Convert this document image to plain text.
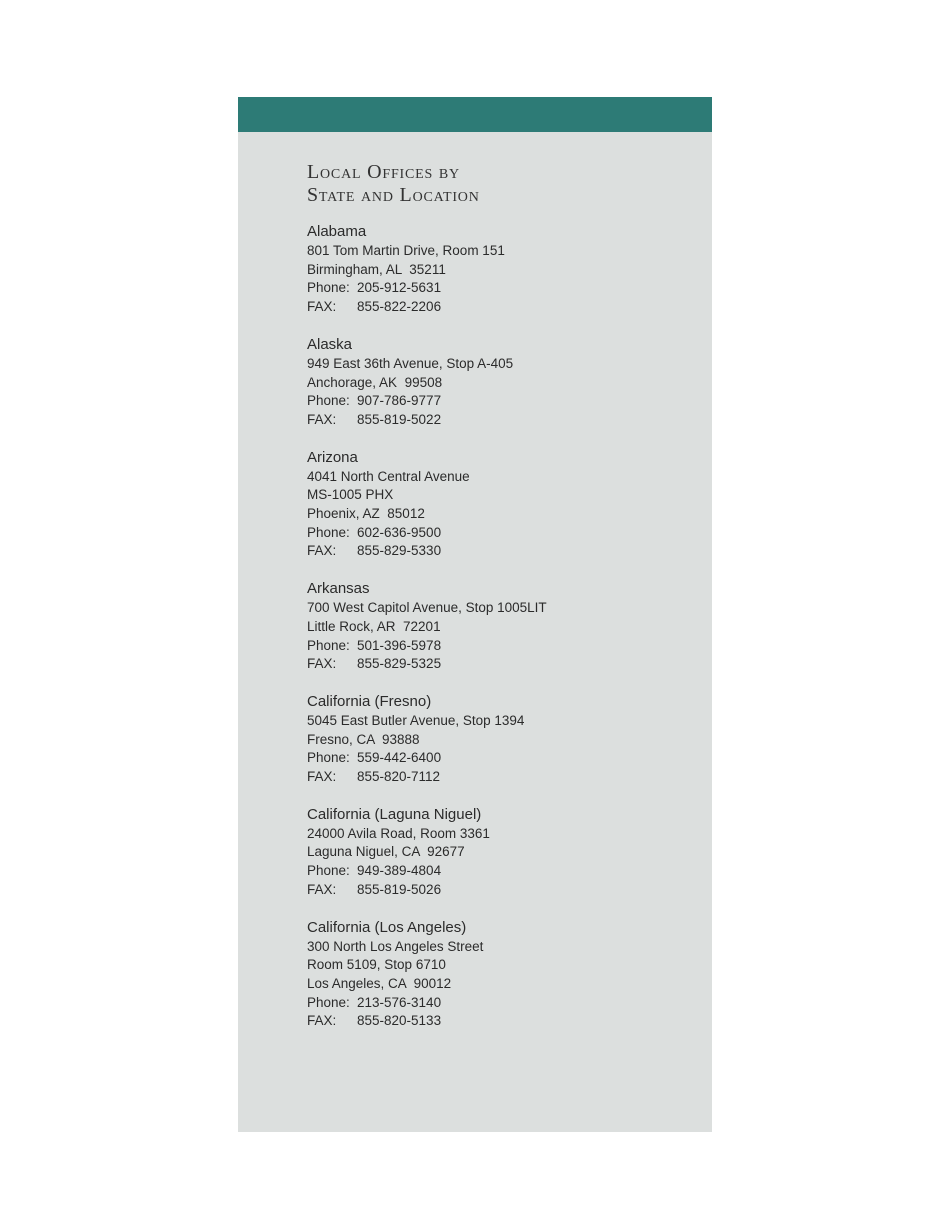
Local Offices by
State and Location
Alabama
801 Tom Martin Drive, Room 151
Birmingham, AL  35211
Phone: 205-912-5631
FAX: 855-822-2206
Alaska
949 East 36th Avenue, Stop A-405
Anchorage, AK  99508
Phone: 907-786-9777
FAX: 855-819-5022
Arizona
4041 North Central Avenue
MS-1005 PHX
Phoenix, AZ  85012
Phone: 602-636-9500
FAX: 855-829-5330
Arkansas
700 West Capitol Avenue, Stop 1005LIT
Little Rock, AR  72201
Phone: 501-396-5978
FAX: 855-829-5325
California (Fresno)
5045 East Butler Avenue, Stop 1394
Fresno, CA  93888
Phone: 559-442-6400
FAX: 855-820-7112
California (Laguna Niguel)
24000 Avila Road, Room 3361
Laguna Niguel, CA  92677
Phone: 949-389-4804
FAX: 855-819-5026
California (Los Angeles)
300 North Los Angeles Street
Room 5109, Stop 6710
Los Angeles, CA  90012
Phone: 213-576-3140
FAX: 855-820-5133
